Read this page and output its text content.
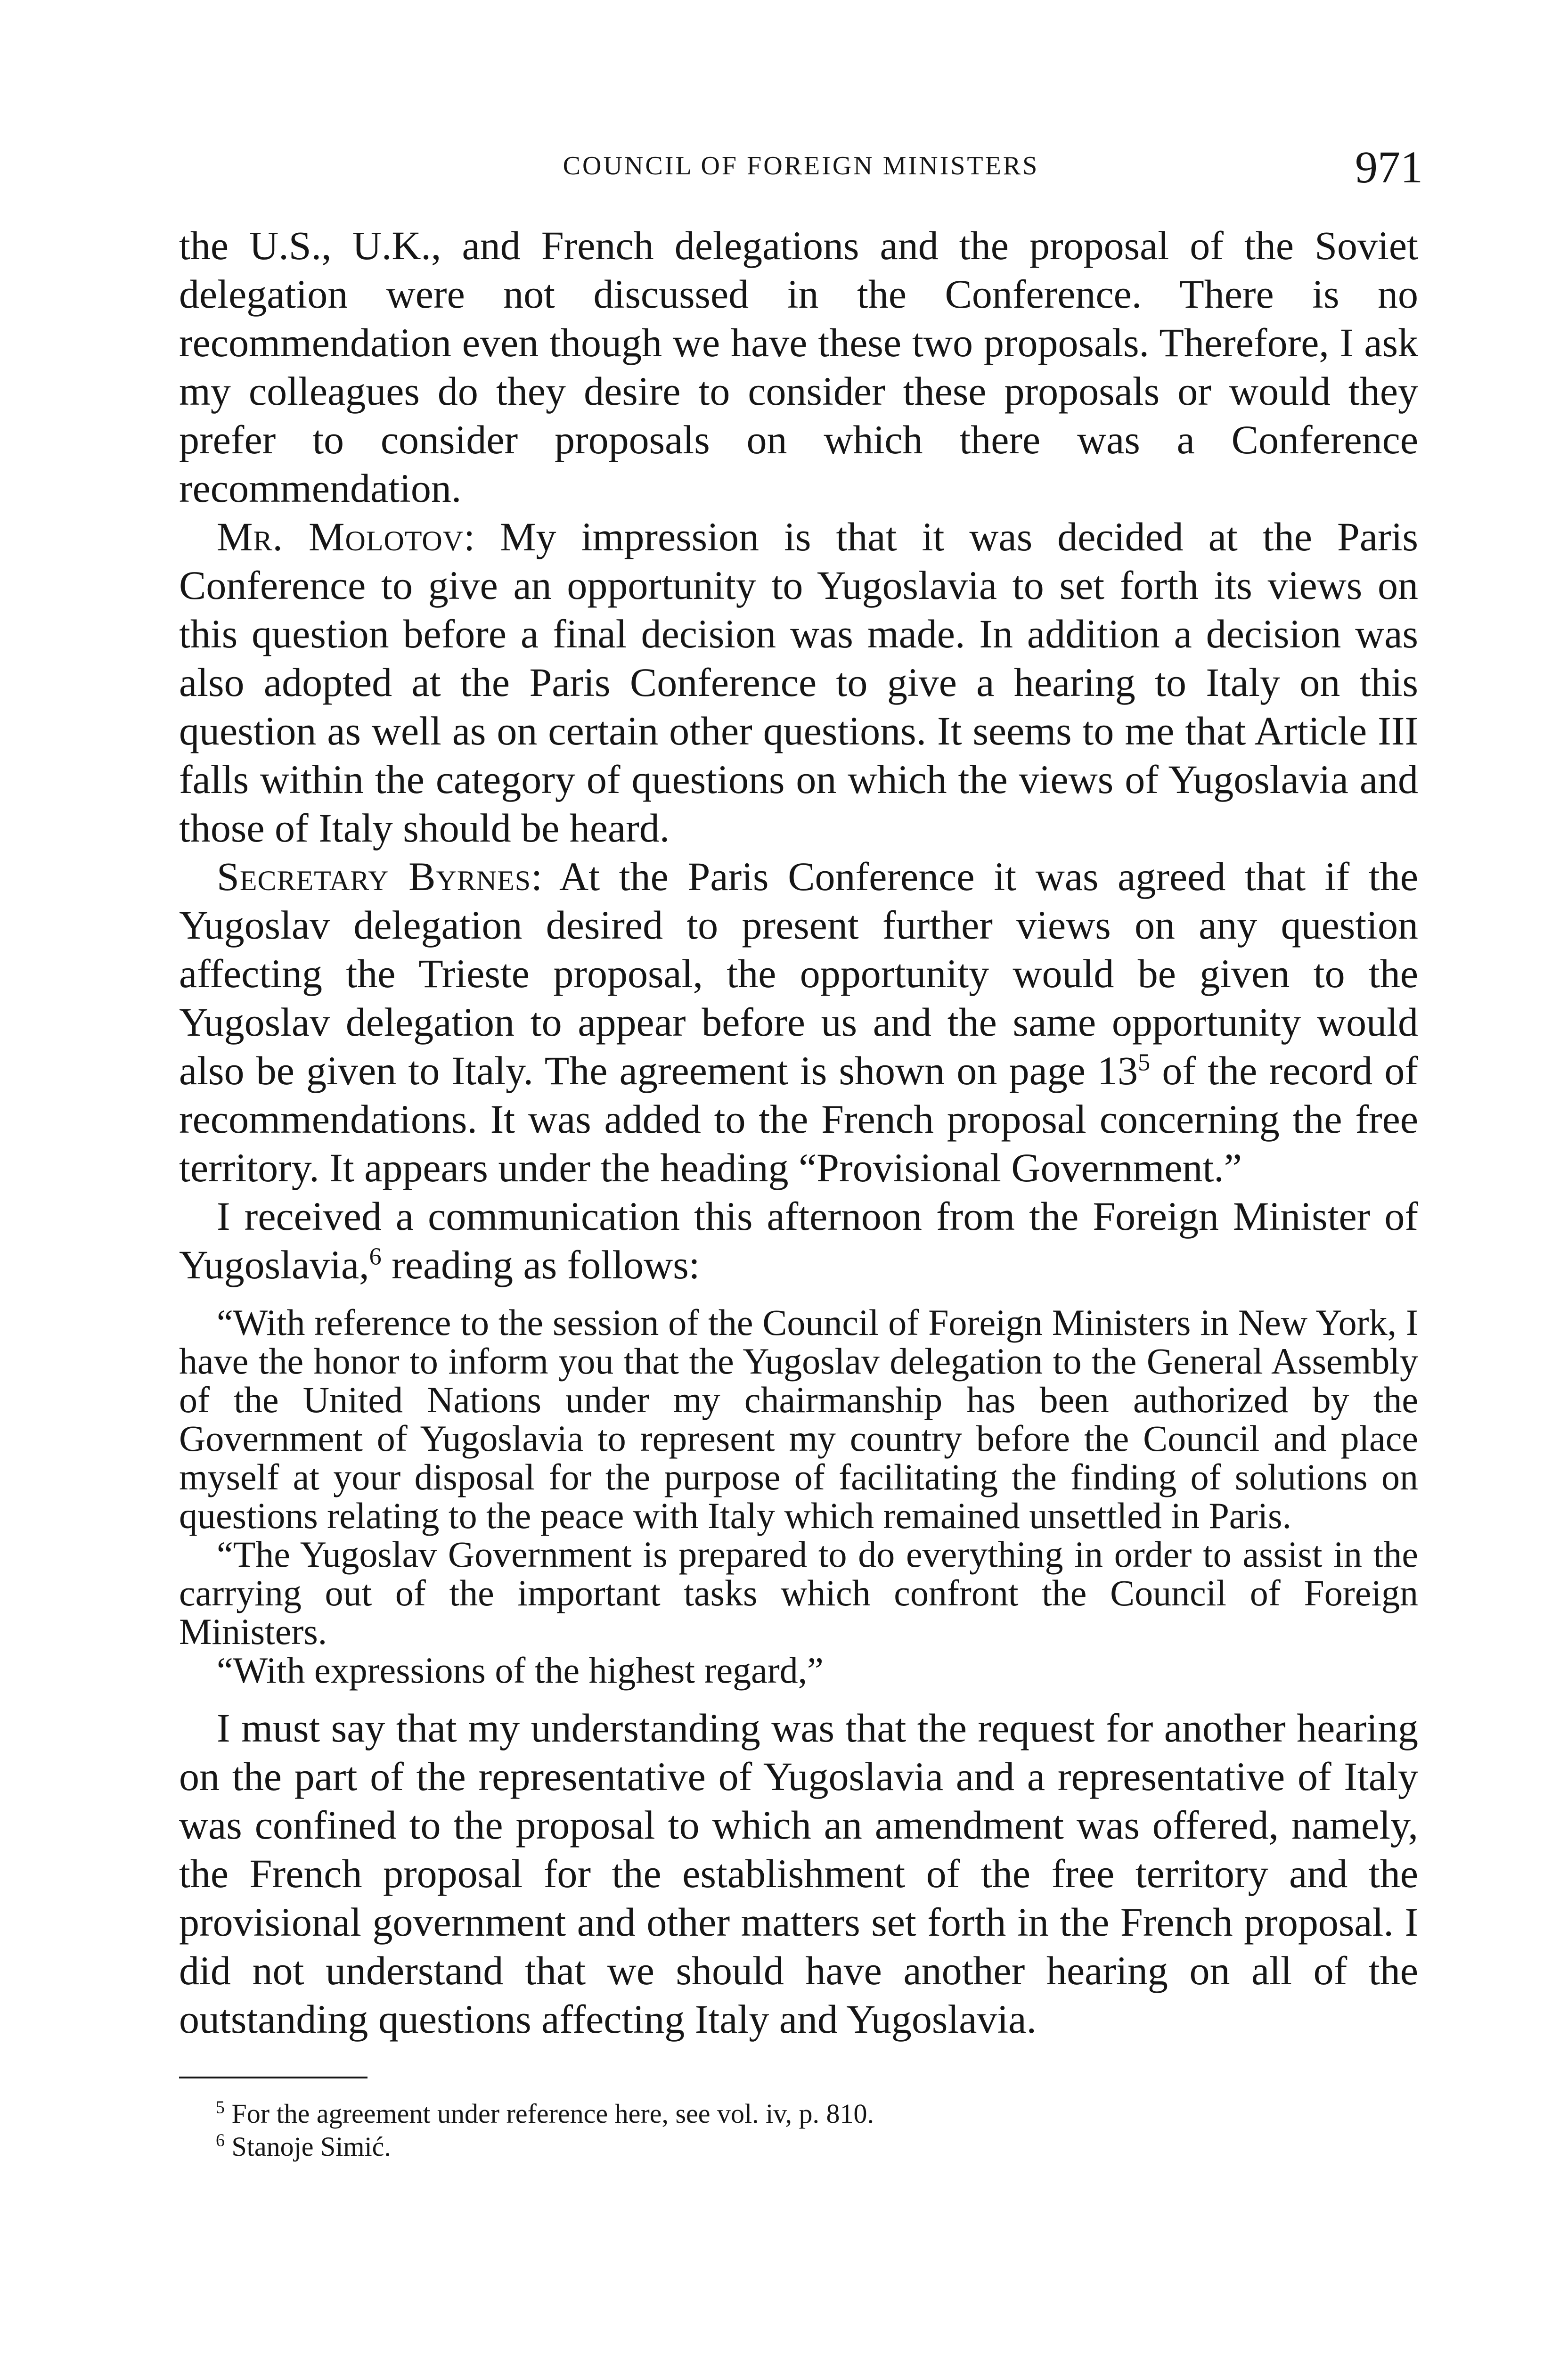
COUNCIL OF FOREIGN MINISTERS	971

the U.S., U.K., and French delegations and the proposal of the Soviet delegation were not discussed in the Conference. There is no recommendation even though we have these two proposals. Therefore, I ask my colleagues do they desire to consider these proposals or would they prefer to consider proposals on which there was a Conference recommendation.

Mr. Molotov: My impression is that it was decided at the Paris Conference to give an opportunity to Yugoslavia to set forth its views on this question before a final decision was made. In addition a decision was also adopted at the Paris Conference to give a hearing to Italy on this question as well as on certain other questions. It seems to me that Article III falls within the category of questions on which the views of Yugoslavia and those of Italy should be heard.

Secretary Byrnes: At the Paris Conference it was agreed that if the Yugoslav delegation desired to present further views on any question affecting the Trieste proposal, the opportunity would be given to the Yugoslav delegation to appear before us and the same opportunity would also be given to Italy. The agreement is shown on page $13^5$ of the record of recommendations. It was added to the French proposal concerning the free territory. It appears under the heading “Provisional Government.”

I received a communication this afternoon from the Foreign Minister of Yugoslavia,$^6$ reading as follows:

“With reference to the session of the Council of Foreign Ministers in New York, I have the honor to inform you that the Yugoslav delegation to the General Assembly of the United Nations under my chairmanship has been authorized by the Government of Yugoslavia to represent my country before the Council and place myself at your disposal for the purpose of facilitating the finding of solutions on questions relating to the peace with Italy which remained unsettled in Paris.

“The Yugoslav Government is prepared to do everything in order to assist in the carrying out of the important tasks which confront the Council of Foreign Ministers.

“With expressions of the highest regard,”

I must say that my understanding was that the request for another hearing on the part of the representative of Yugoslavia and a representative of Italy was confined to the proposal to which an amendment was offered, namely, the French proposal for the establishment of the free territory and the provisional government and other matters set forth in the French proposal. I did not understand that we should have another hearing on all of the outstanding questions affecting Italy and Yugoslavia.

$^5$ For the agreement under reference here, see vol. iv, p. 810.

$^6$ Stanoje Simić.
